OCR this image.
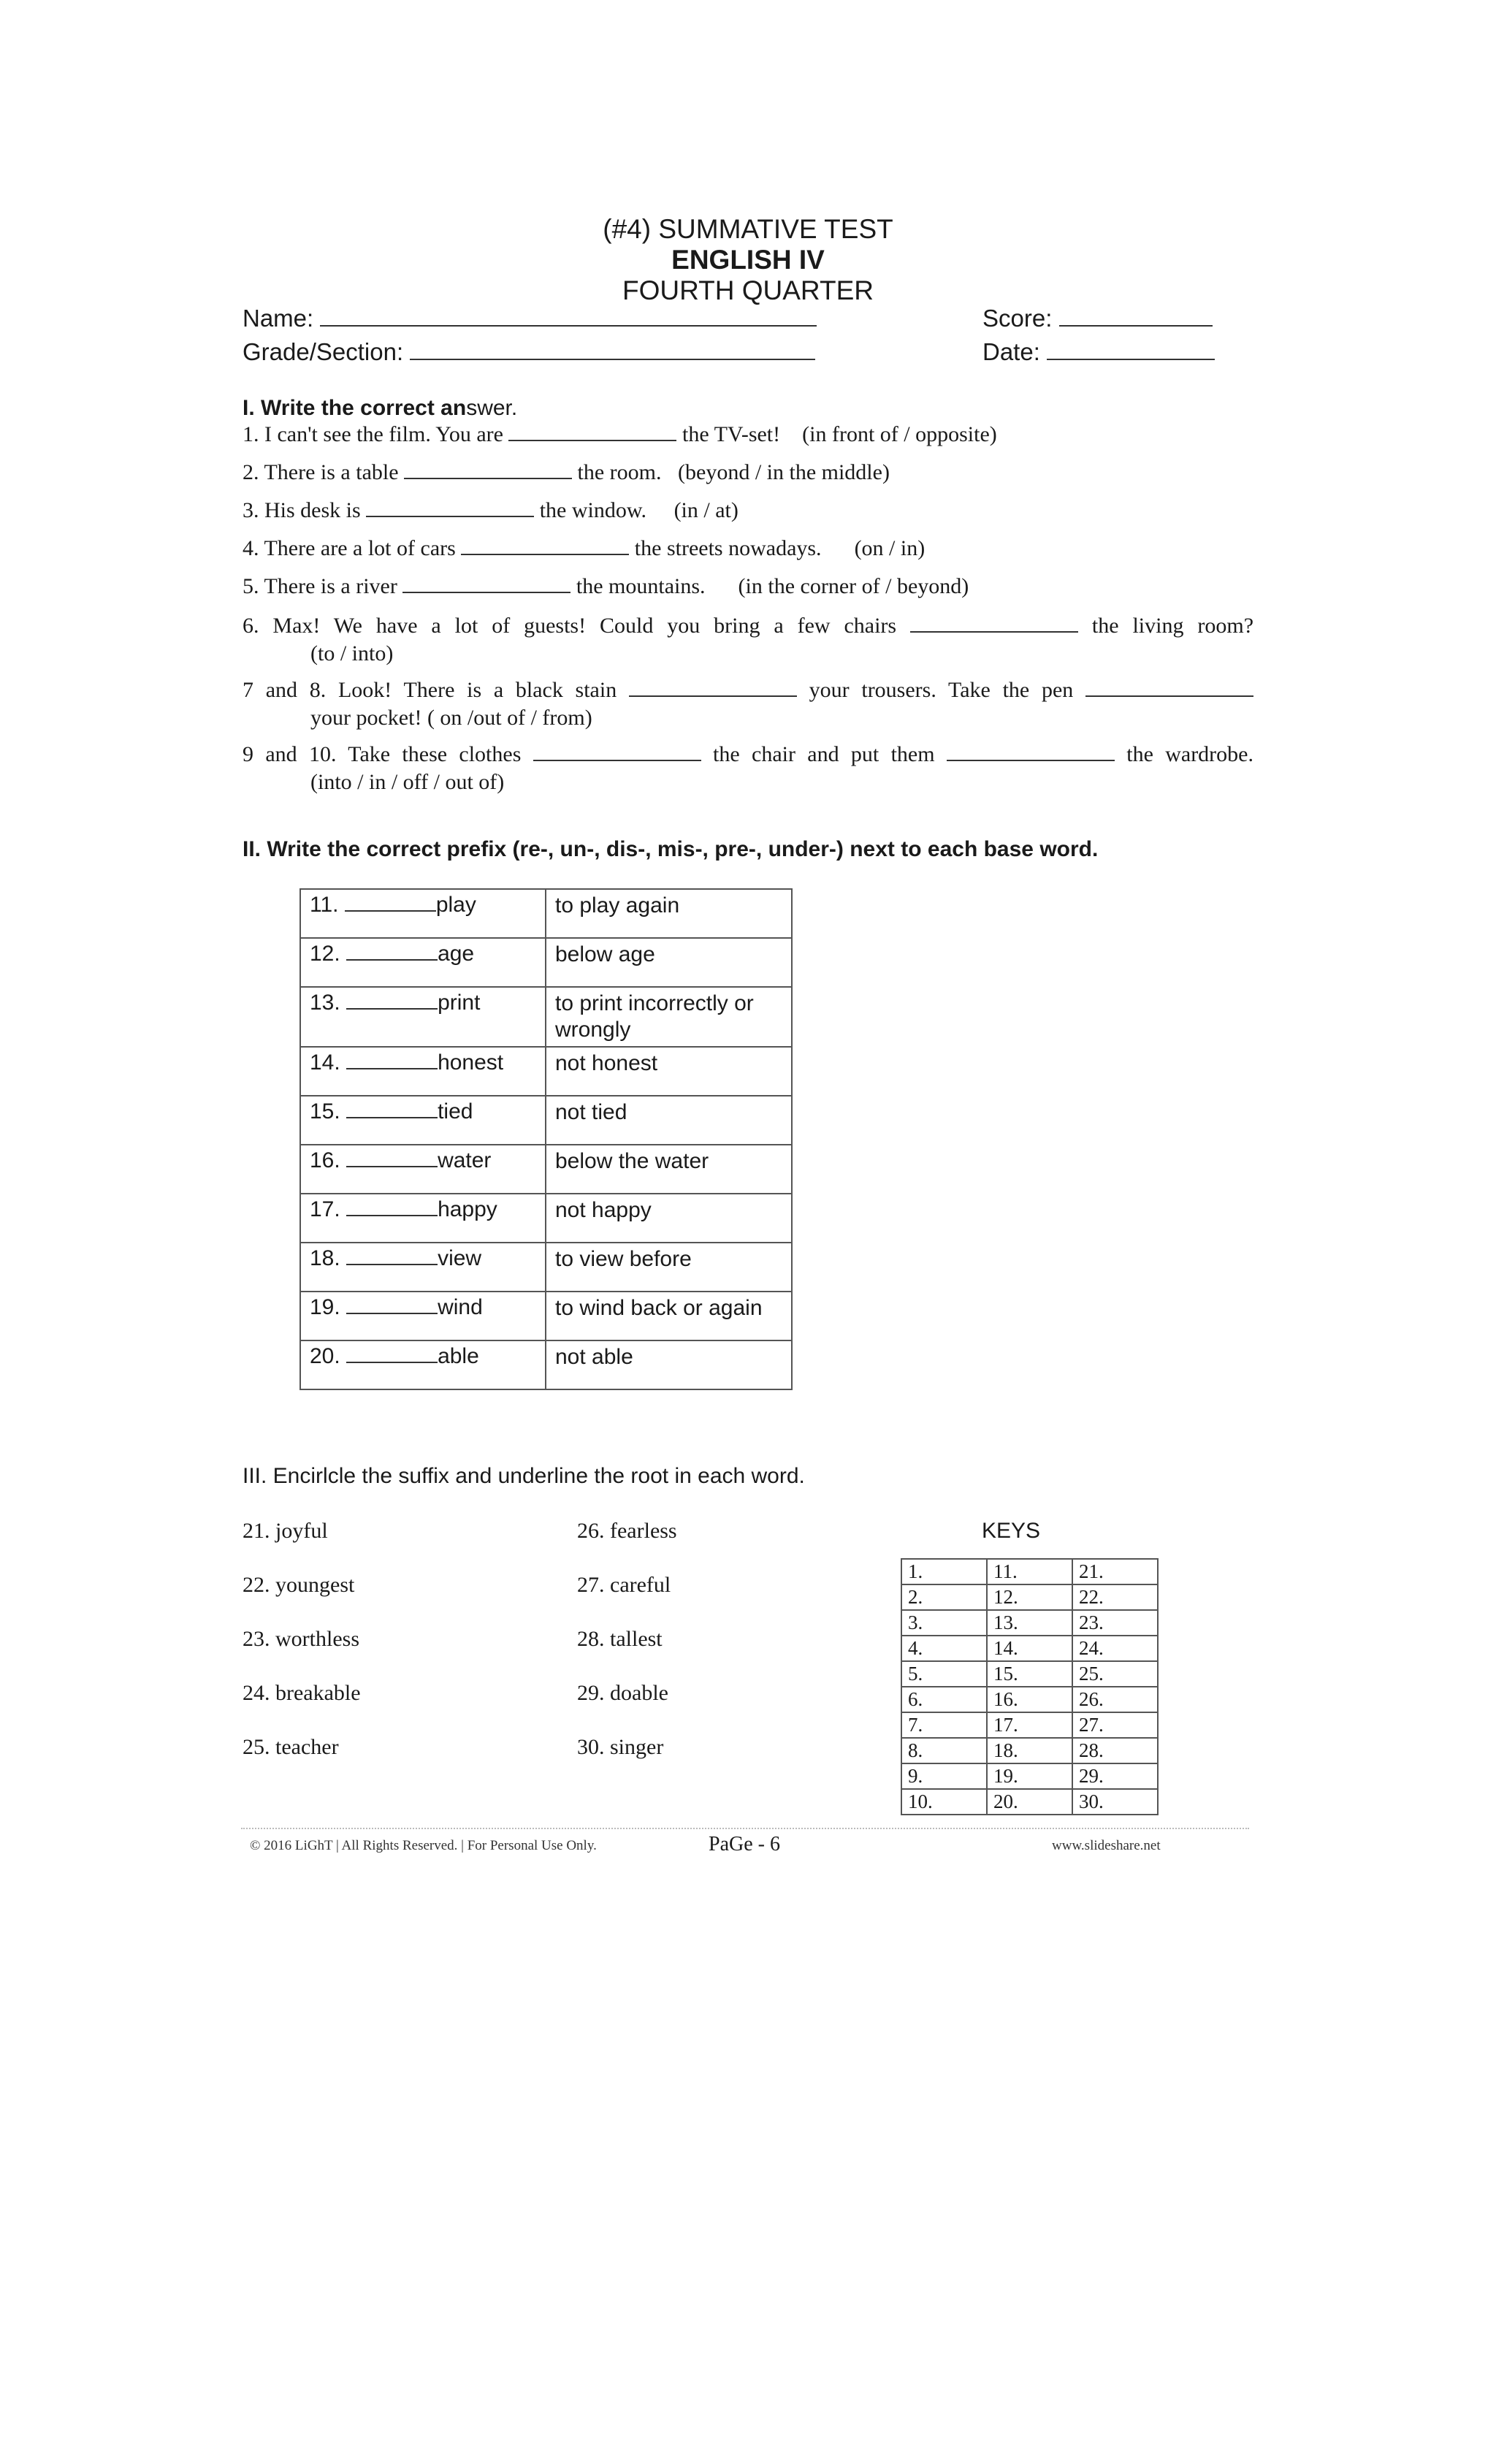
(#4) SUMMATIVE TEST
ENGLISH IV
FOURTH QUARTER
Name:
Grade/Section:
Score:
Date:
I. Write the correct answer.
1. I can't see the film. You are	the TV-set! (in front of / opposite)
2. There is a table	the room. (beyond / in the middle)
3. His desk is	the window. (in / at)
4. There are a lot of cars	the streets nowadays. (on / in)
5. There is a river	the mountains. (in the corner of / beyond)
6. Max! We have a lot of guests! Could you bring a few chairs	the living room?
(to / into)
7 and 8. Look! There is a black stain	your trousers. Take the pen
your pocket! ( on /out of / from)
9 and 10. Take these clothes	the chair and put them	the wardrobe.
(into / in / off / out of)
II. Write the correct prefix (re-, un-, dis-, mis-, pre-, under-) next to each base word.
11. play	to play again
12. age	below age
13. print	to print incorrectly or wrongly
14. honest	not honest
15. tied	not tied
16. water	below the water
17. happy	not happy
18. view	to view before
19. wind	to wind back or again
20. able	not able
III. Encirlcle the suffix and underline the root in each word.
21. joyful
22. youngest
23. worthless
24. breakable
25. teacher
26. fearless
27. careful
28. tallest
29. doable
30. singer
KEYS
1.	11.	21.
2.	12.	22.
3.	13.	23.
4.	14.	24.
5.	15.	25.
6.	16.	26.
7.	17.	27.
8.	18.	28.
9.	19.	29.
10.	20.	30.
© 2016 LiGhT | All Rights Reserved. | For Personal Use Only.	PaGe - 6	www.slideshare.net
